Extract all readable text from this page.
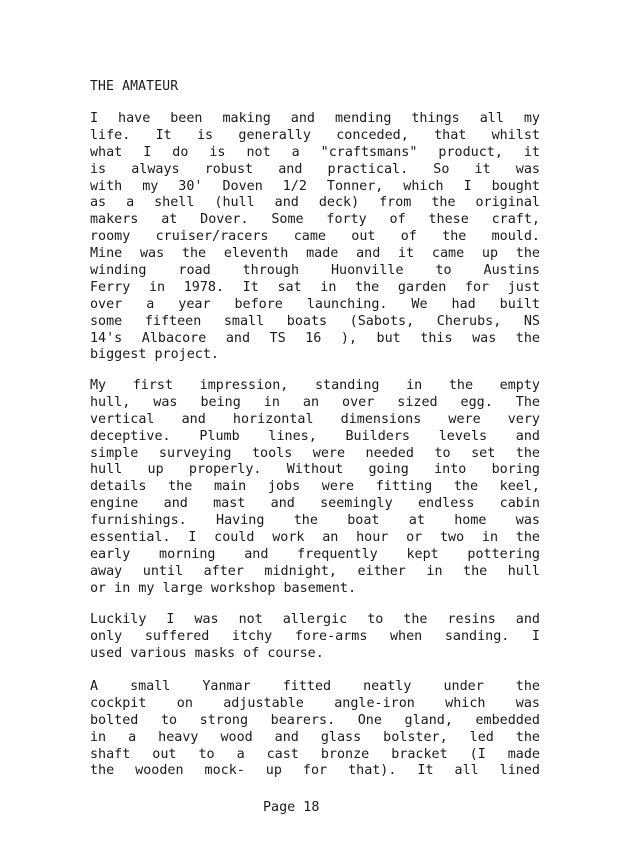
THE AMATEUR
I have been making and mending things all my
life. It is generally conceded, that whilst
what I do is not a "craftsmans" product, it
is always robust and practical. So it was
with my 30' Doven 1/2 Tonner, which I bought
as a shell (hull and deck) from the original
makers at Dover. Some forty of these craft,
roomy cruiser/racers came out of the mould.
Mine was the eleventh made and it came up the
winding road through Huonville to Austins
Ferry in 1978. It sat in the garden for just
over a year before launching. We had built
some fifteen small boats (Sabots, Cherubs, NS
14's Albacore and TS 16 ), but this was the
biggest project.
My first impression, standing in the empty
hull, was being in an over sized egg. The
vertical and horizontal dimensions were very
deceptive. Plumb lines, Builders levels and
simple surveying tools were needed to set the
hull up properly. Without going into boring
details the main jobs were fitting the keel,
engine and mast and seemingly endless cabin
furnishings. Having the boat at home was
essential. I could work an hour or two in the
early morning and frequently kept pottering
away until after midnight, either in the hull
or in my large workshop basement.
Luckily I was not allergic to the resins and
only suffered itchy fore-arms when sanding. I
used various masks of course.
A small Yanmar fitted neatly under the
cockpit on adjustable angle-iron which was
bolted to strong bearers. One gland, embedded
in a heavy wood and glass bolster, led the
shaft out to a cast bronze bracket (I made
the wooden mock- up for that). It all lined
Page 18
